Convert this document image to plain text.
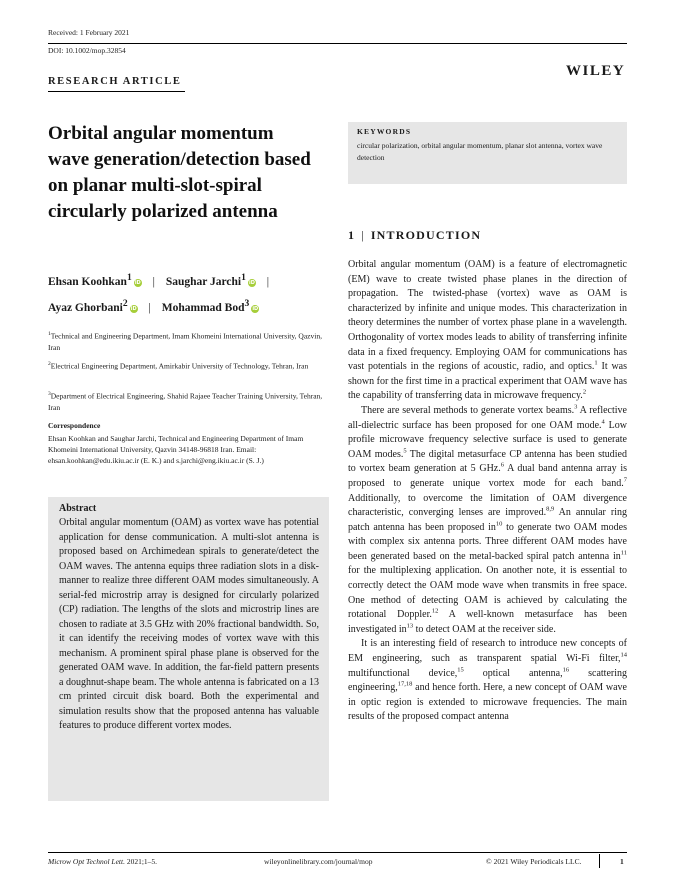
Received: 1 February 2021
DOI: 10.1002/mop.32854
RESEARCH ARTICLE
WILEY
Orbital angular momentum wave generation/detection based on planar multi-slot-spiral circularly polarized antenna
Ehsan Koohkan$^1$ iD | Saughar Jarchi$^1$ iD |
Ayaz Ghorbani$^2$ iD | Mohammad Bod$^3$ iD
$^1$Technical and Engineering Department, Imam Khomeini International University, Qazvin, Iran
$^2$Electrical Engineering Department, Amirkabir University of Technology, Tehran, Iran
$^3$Department of Electrical Engineering, Shahid Rajaee Teacher Training University, Tehran, Iran
Correspondence
Ehsan Koohkan and Saughar Jarchi, Technical and Engineering Department of Imam Khomeini International University, Qazvin 34148-96818 Iran. Email: ehsan.koohkan@edu.ikiu.ac.ir (E. K.) and s.jarchi@eng.ikiu.ac.ir (S. J.)
Abstract
Orbital angular momentum (OAM) as vortex wave has potential application for dense communication. A multi-slot antenna is proposed based on Archimedean spirals to generate/detect the OAM waves. The antenna equips three radiation slots in a disk-manner to realize three different OAM modes simultaneously. A serial-fed microstrip array is designed for circularly polarized (CP) radiation. The lengths of the slots and microstrip lines are chosen to radiate at 3.5 GHz with 20% fractional bandwidth. So, it can identify the receiving modes of vortex wave with this mechanism. A prominent spiral phase plane is observed for the generated OAM wave. In addition, the far-field pattern presents a doughnut-shape beam. The whole antenna is fabricated on a 13 cm printed circuit disk board. Both the experimental and simulation results show that the proposed antenna has valuable features to produce different vortex modes.
KEYWORDS
circular polarization, orbital angular momentum, planar slot antenna, vortex wave detection
1 | INTRODUCTION

Orbital angular momentum (OAM) is a feature of electromagnetic (EM) wave to create twisted phase planes in the direction of propagation. The twisted-phase (vortex) wave as OAM is characterized by infinite and unique modes. This characterization in theory determines the number of vortex phase plane in a wavelength. Orthogonality of vortex modes leads to ability of transferring infinite data in a fixed frequency. Employing OAM for communications has vast potentials in the regions of acoustic, radio, and optics.$^1$ It was shown for the first time in a practical experiment that OAM wave has the capability of transferring data in microwave frequency.$^2$

There are several methods to generate vortex beams.$^3$ A reflective all-dielectric surface has been proposed for one OAM mode.$^4$ Low profile microwave frequency selective surface is used to generate OAM modes.$^5$ The digital metasurface CP antenna has been studied to vortex beam generation at 5 GHz.$^6$ A dual band antenna array is proposed to generate unique vortex mode for each band.$^7$ Additionally, to overcome the limitation of OAM divergence characteristic, converging lenses are improved.$^{8,9}$ An annular ring patch antenna has been proposed $in^{10}$ to generate two OAM modes with complex six antenna ports. Three different OAM modes have been generated based on the metal-backed spiral patch antenna $in^{11}$ for the multiplexing application. On another note, it is essential to correctly detect the OAM mode wave when transmits in free space. One method of detecting OAM is achieved by calculating the rotational Doppler.$^{12}$ A well-known metasurface has been investigated $in^{13}$ to detect OAM at the receiver side.

It is an interesting field of research to introduce new concepts of EM engineering, such as transparent spatial Wi-Fi filter,$^{14}$ multifunctional device,$^{15}$ optical antenna,$^{16}$ scattering engineering,$^{17,18}$ and hence forth. Here, a new concept of OAM wave in optic region is extended to microwave frequencies. The main results of the proposed compact antenna

Microw Opt Technol Lett. 2021;1–5.	wileyonlinelibrary.com/journal/mop	© 2021 Wiley Periodicals LLC.	1
